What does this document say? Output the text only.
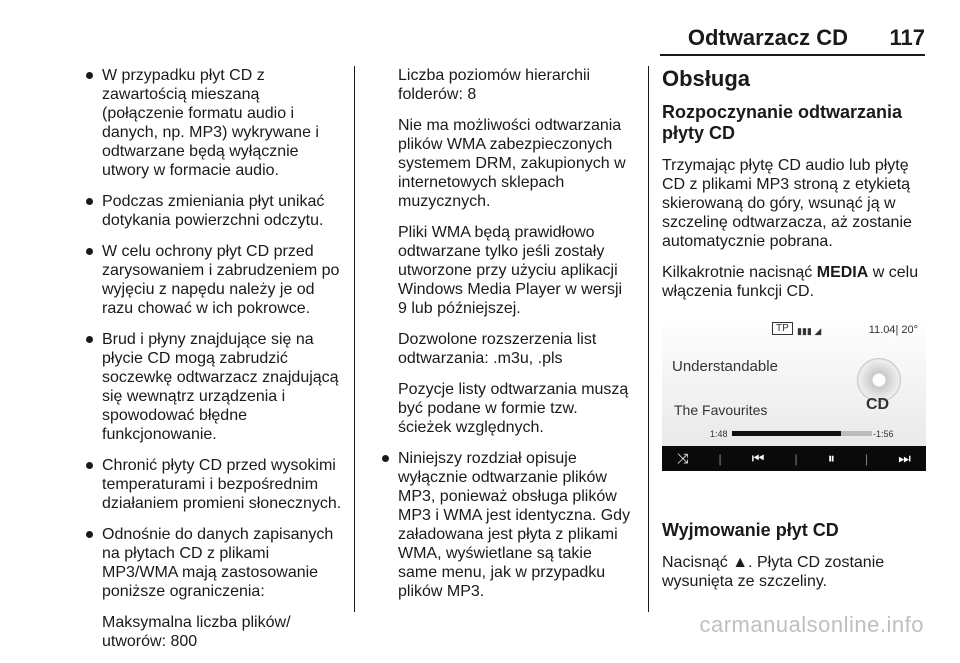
Odtwarzacz CD 117
W przypadku płyt CD z zawartością mieszaną (połączenie formatu audio i danych, np. MP3) wykrywane i odtwarzane będą wyłącznie utwory w formacie audio.
Podczas zmieniania płyt unikać dotykania powierzchni odczytu.
W celu ochrony płyt CD przed zarysowaniem i zabrudzeniem po wyjęciu z napędu należy je od razu chować w ich pokrowce.
Brud i płyny znajdujące się na płycie CD mogą zabrudzić soczewkę odtwarzacz znajdującą się wewnątrz urządzenia i spowodować błędne funkcjonowanie.
Chronić płyty CD przed wysokimi temperaturami i bezpośrednim działaniem promieni słonecznych.
Odnośnie do danych zapisanych na płytach CD z plikami MP3/WMA mają zastosowanie poniższe ograniczenia:

Maksymalna liczba plików/ utworów: 800

Liczba poziomów hierarchii folderów: 8

Nie ma możliwości odtwarzania plików WMA zabezpieczonych systemem DRM, zakupionych w internetowych sklepach muzycznych.

Pliki WMA będą prawidłowo odtwarzane tylko jeśli zostały utworzone przy użyciu aplikacji Windows Media Player w wersji 9 lub późniejszej.

Dozwolone rozszerzenia list odtwarzania: .m3u, .pls

Pozycje listy odtwarzania muszą być podane w formie tzw. ścieżek względnych.

Niniejszy rozdział opisuje wyłącznie odtwarzanie plików MP3, ponieważ obsługa plików MP3 i WMA jest identyczna. Gdy załadowana jest płyta z plikami WMA, wyświetlane są takie same menu, jak w przypadku plików MP3.
Obsługa
Rozpoczynanie odtwarzania płyty CD

Trzymając płytę CD audio lub płytę CD z plikami MP3 stroną z etykietą skierowaną do góry, wsunąć ją w szczelinę odtwarzacza, aż zostanie automatycznie pobrana.

Kilkakrotnie nacisnąć MEDIA w celu włączenia funkcji CD.

TP ▮▮▮ ◢	11.04| 20°
Understandable
The Favourites	CD
1:48	-1:56
⤨	| ⏮	| ⏸	| ⏭
Wyjmowanie płyt CD

Nacisnąć ▲. Płyta CD zostanie wysunięta ze szczeliny.

carmanualsonline.info
